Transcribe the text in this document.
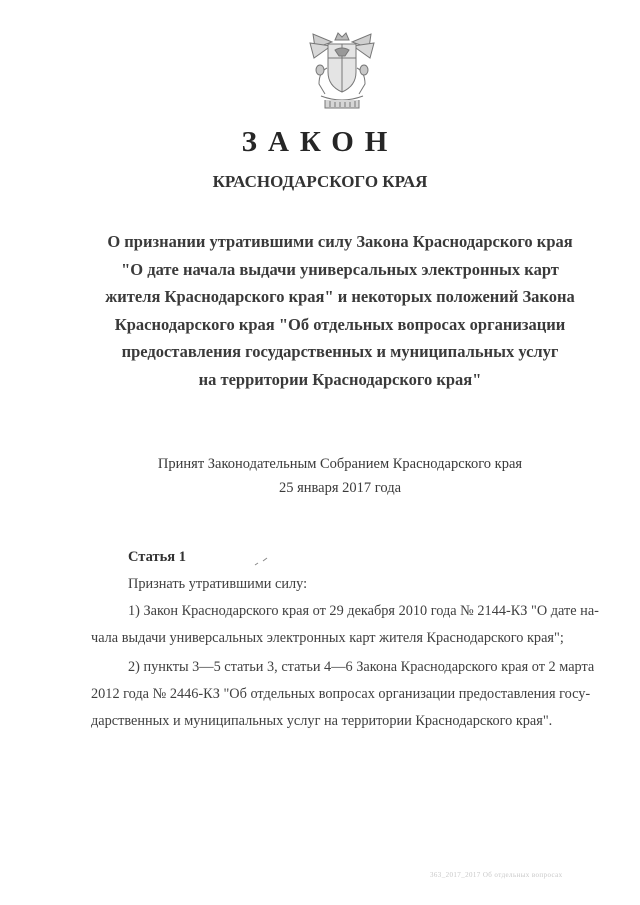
ЗАКОН
КРАСНОДАРСКОГО КРАЯ
О признании утратившими силу Закона Краснодарского края
"О дате начала выдачи универсальных электронных карт
жителя Краснодарского края" и некоторых положений Закона
Краснодарского края "Об отдельных вопросах организации
предоставления государственных и муниципальных услуг
на территории Краснодарского края"
Принят Законодательным Собранием Краснодарского края
25 января 2017 года
Статья 1
Признать утратившими силу:
1) Закон Краснодарского края от 29 декабря 2010 года № 2144-КЗ "О дате на-
чала выдачи универсальных электронных карт жителя Краснодарского края";
2) пункты 3—5 статьи 3, статьи 4—6 Закона Краснодарского края от 2 марта
2012 года № 2446-КЗ "Об отдельных вопросах организации предоставления госу-
дарственных и муниципальных услуг на территории Краснодарского края".
363_2017_2017 Об отдельных вопросах
